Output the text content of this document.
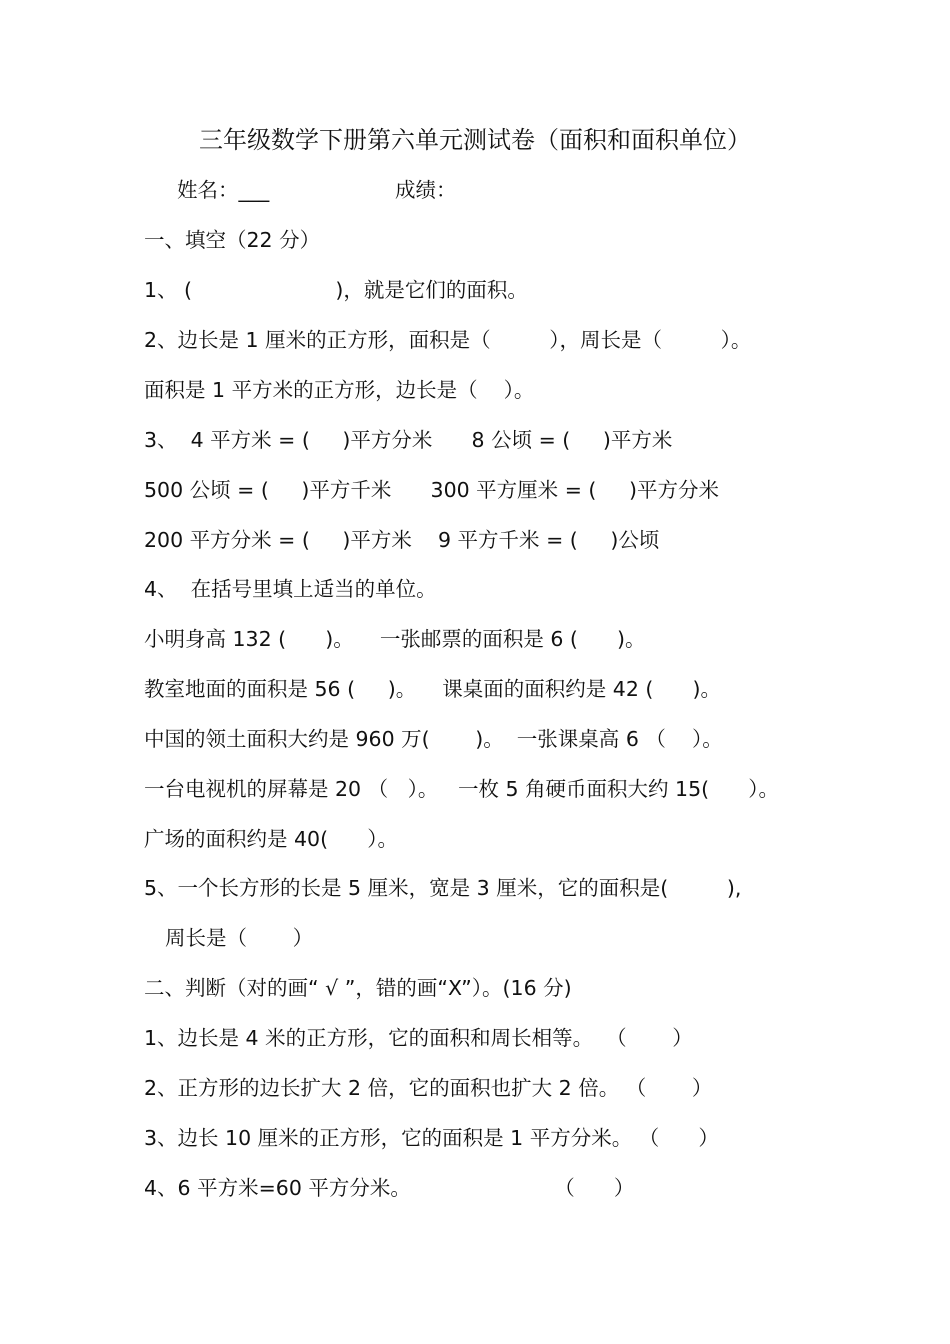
三年级数学下册第六单元测试卷（面积和面积单位）
姓名：___	成绩：
一、填空（22 分）
1、 (                      )，就是它们的面积。
2、边长是 1 厘米的正方形，面积是（         ），周长是（         ）。
面积是 1 平方米的正方形，边长是（    ）。
3、  4 平方米 = (     )平方分米      8 公顷 = (     )平方米
500 公顷 = (     )平方千米      300 平方厘米 = (     )平方分米
200 平方分米 = (     )平方米    9 平方千米 = (     )公顷
4、  在括号里填上适当的单位。
小明身高 132 (      )。    一张邮票的面积是 6 (      )。
教室地面的面积是 56 (     )。    课桌面的面积约是 42 (      )。
中国的领土面积大约是 960 万(       )。  一张课桌高 6 （    ）。
一台电视机的屏幕是 20 （   ）。   一枚 5 角硬币面积大约 15(      ）。
广场的面积约是 40(      ）。
5、一个长方形的长是 5 厘米，宽是 3 厘米，它的面积是(         ),
周长是（       ）
二、判断（对的画“ √ ”，错的画“X”）。(16 分)
1、边长是 4 米的正方形，它的面积和周长相等。  （       ）
2、正方形的边长扩大 2 倍，它的面积也扩大 2 倍。 （       ）
3、边长 10 厘米的正方形，它的面积是 1 平方分米。 （      ）
4、6 平方米=60 平方分米。                      （      ）
